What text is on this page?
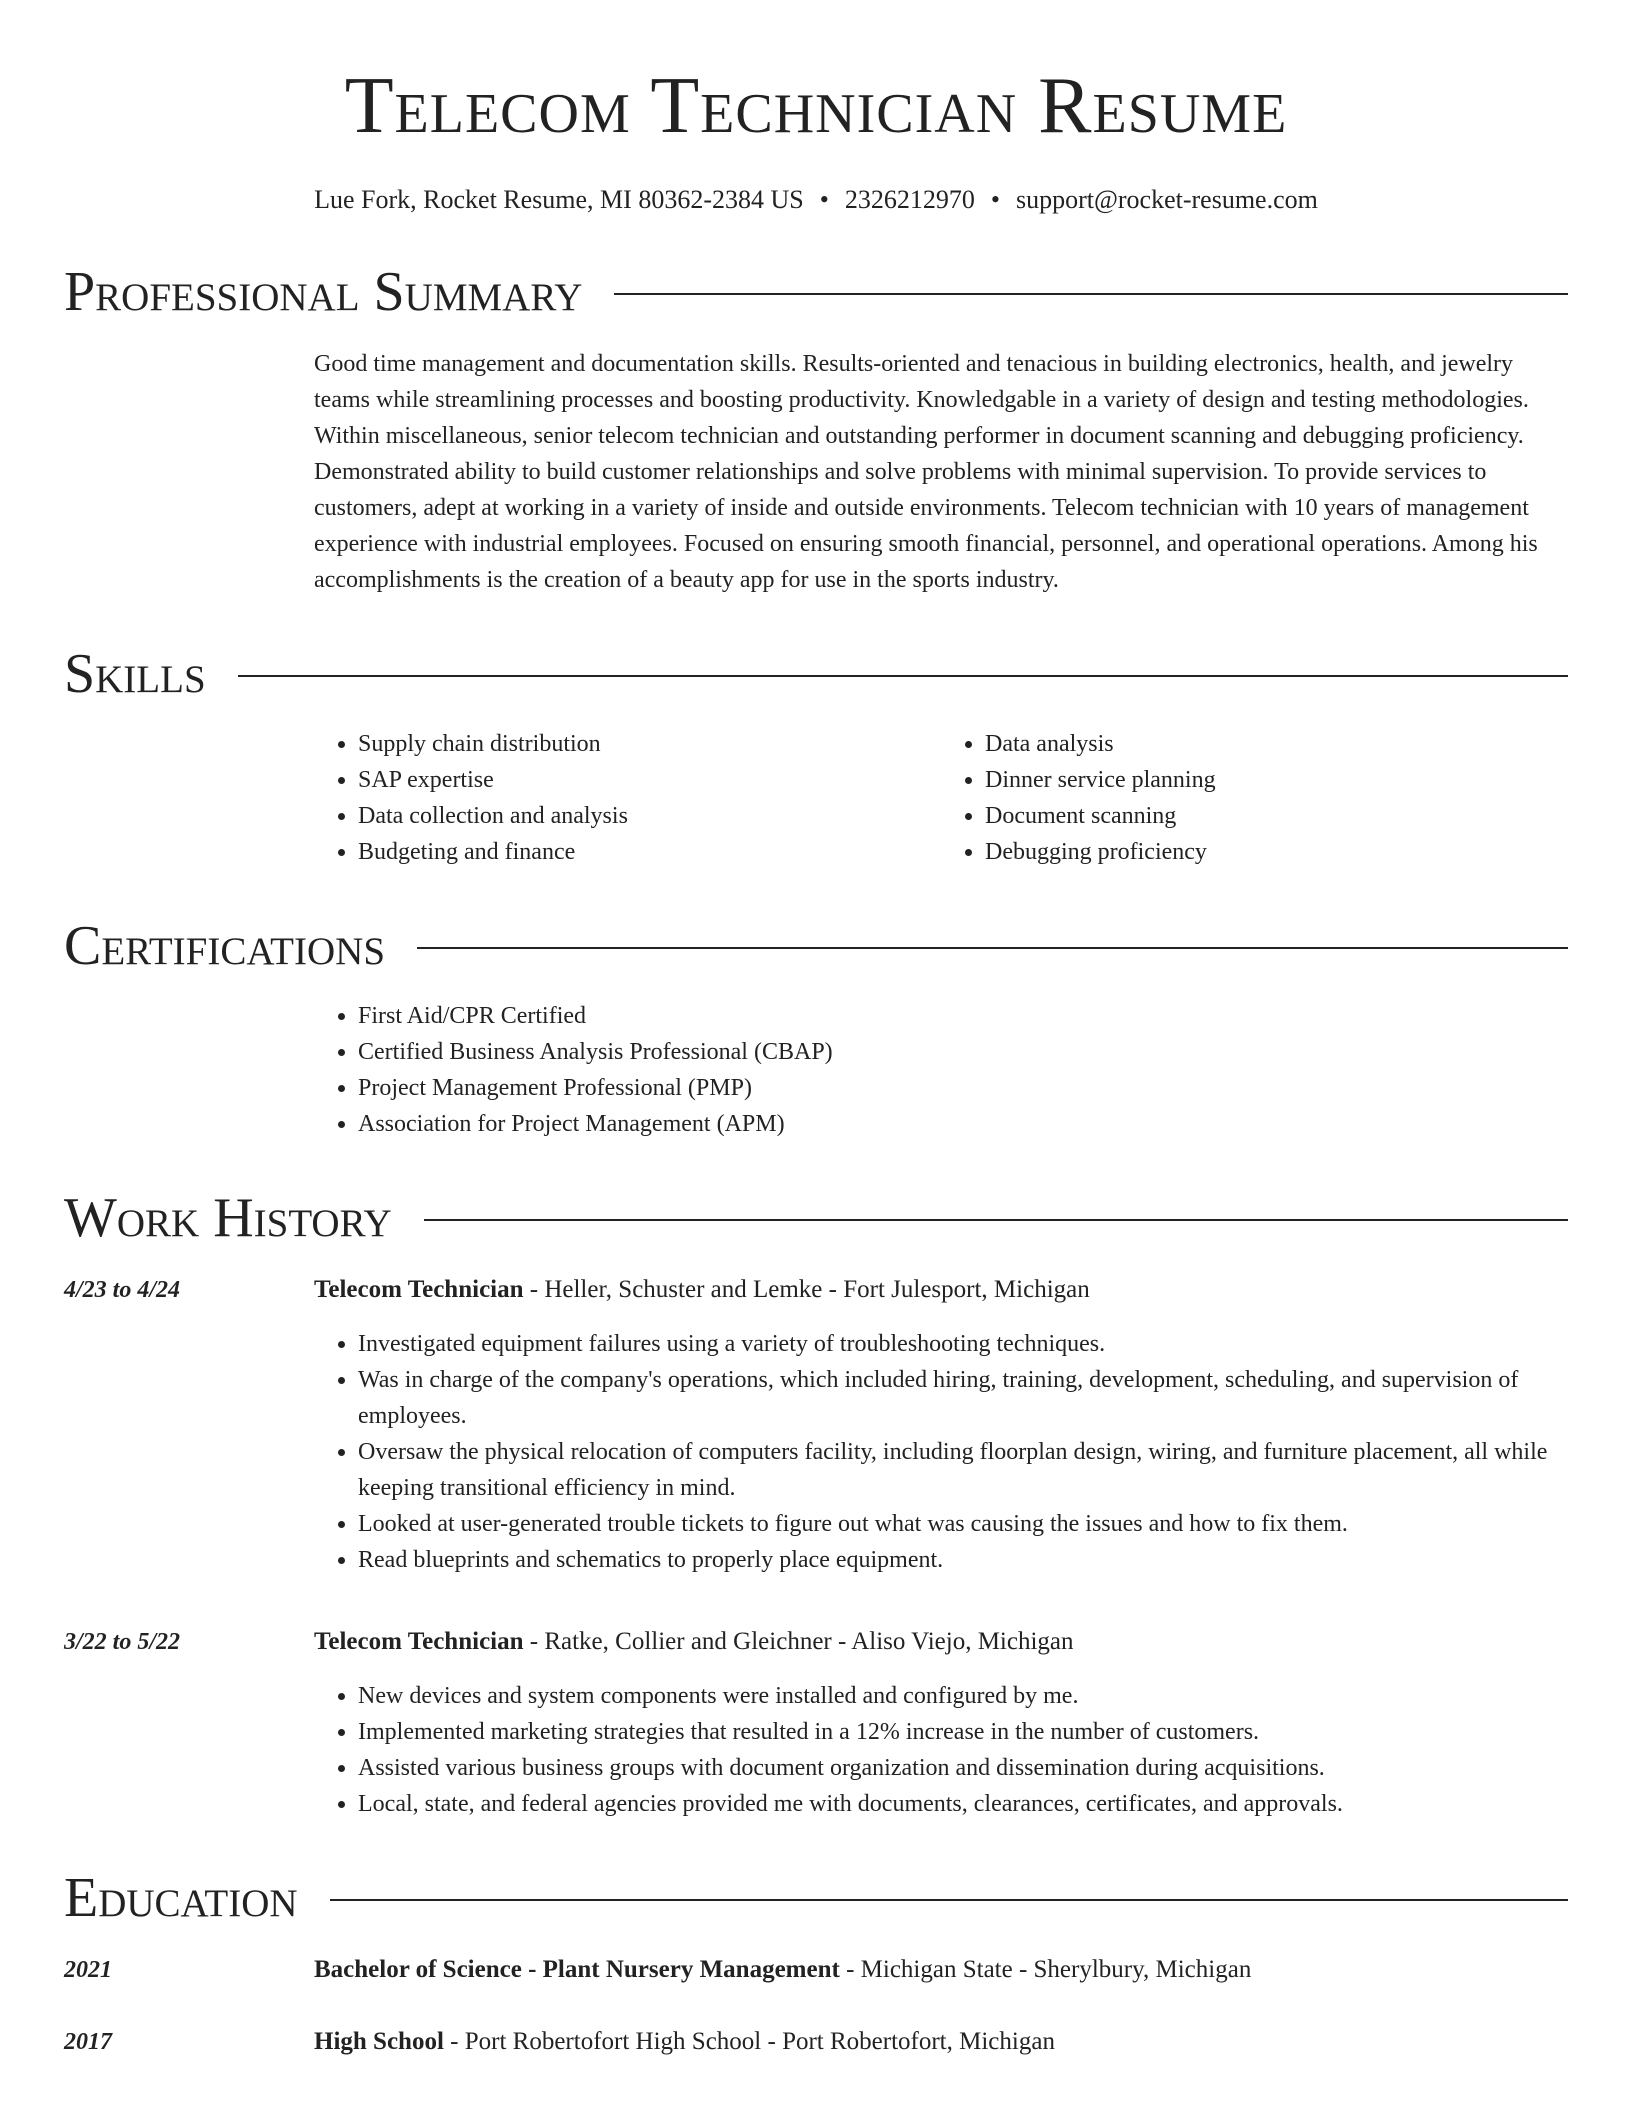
Telecom Technician Resume
Lue Fork, Rocket Resume, MI 80362-2384 US • 2326212970 • support@rocket-resume.com
Professional Summary
Good time management and documentation skills. Results-oriented and tenacious in building electronics, health, and jewelry teams while streamlining processes and boosting productivity. Knowledgable in a variety of design and testing methodologies. Within miscellaneous, senior telecom technician and outstanding performer in document scanning and debugging proficiency. Demonstrated ability to build customer relationships and solve problems with minimal supervision. To provide services to customers, adept at working in a variety of inside and outside environments. Telecom technician with 10 years of management experience with industrial employees. Focused on ensuring smooth financial, personnel, and operational operations. Among his accomplishments is the creation of a beauty app for use in the sports industry.
Skills
• Supply chain distribution
• SAP expertise
• Data collection and analysis
• Budgeting and finance
• Data analysis
• Dinner service planning
• Document scanning
• Debugging proficiency
Certifications
• First Aid/CPR Certified
• Certified Business Analysis Professional (CBAP)
• Project Management Professional (PMP)
• Association for Project Management (APM)
Work History
4/23 to 4/24	Telecom Technician - Heller, Schuster and Lemke - Fort Julesport, Michigan
• Investigated equipment failures using a variety of troubleshooting techniques.
• Was in charge of the company's operations, which included hiring, training, development, scheduling, and supervision of employees.
• Oversaw the physical relocation of computers facility, including floorplan design, wiring, and furniture placement, all while keeping transitional efficiency in mind.
• Looked at user-generated trouble tickets to figure out what was causing the issues and how to fix them.
• Read blueprints and schematics to properly place equipment.
3/22 to 5/22	Telecom Technician - Ratke, Collier and Gleichner - Aliso Viejo, Michigan
• New devices and system components were installed and configured by me.
• Implemented marketing strategies that resulted in a 12% increase in the number of customers.
• Assisted various business groups with document organization and dissemination during acquisitions.
• Local, state, and federal agencies provided me with documents, clearances, certificates, and approvals.
Education
2021	Bachelor of Science - Plant Nursery Management - Michigan State - Sherylbury, Michigan
2017	High School - Port Robertofort High School - Port Robertofort, Michigan
